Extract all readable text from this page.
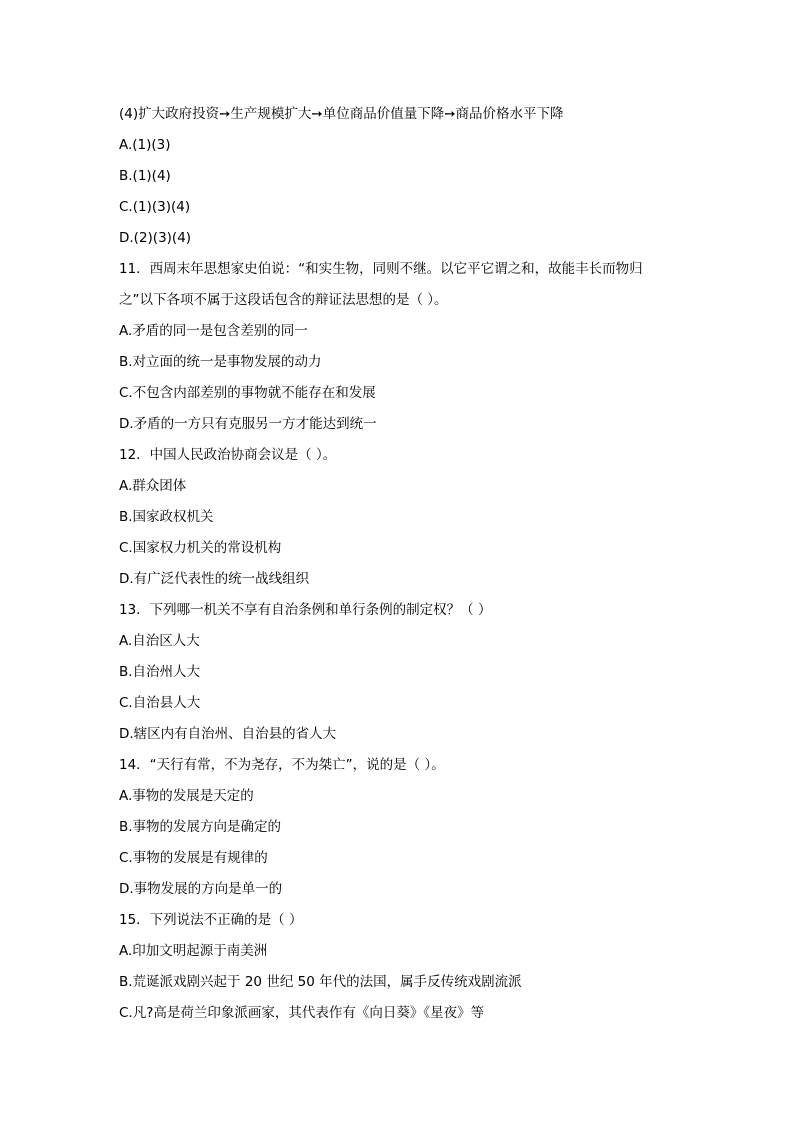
(4)扩大政府投资➙生产规模扩大➙单位商品价值量下降➙商品价格水平下降
A.(1)(3)
B.(1)(4)
C.(1)(3)(4)
D.(2)(3)(4)
11．西周末年思想家史伯说：“和实生物，同则不继。以它平它谓之和，故能丰长而物归
之”以下各项不属于这段话包含的辩证法思想的是（ ）。
A.矛盾的同一是包含差别的同一
B.对立面的统一是事物发展的动力
C.不包含内部差别的事物就不能存在和发展
D.矛盾的一方只有克服另一方才能达到统一
12．中国人民政治协商会议是（ ）。
A.群众团体
B.国家政权机关
C.国家权力机关的常设机构
D.有广泛代表性的统一战线组织
13．下列哪一机关不享有自治条例和单行条例的制定权？（ ）
A.自治区人大
B.自治州人大
C.自治县人大
D.辖区内有自治州、自治县的省人大
14．“天行有常，不为尧存，不为桀亡”，说的是（ ）。
A.事物的发展是天定的
B.事物的发展方向是确定的
C.事物的发展是有规律的
D.事物发展的方向是单一的
15．下列说法不正确的是（ ）
A.印加文明起源于南美洲
B.荒诞派戏剧兴起于 20 世纪 50 年代的法国，属手反传统戏剧流派
C.凡?高是荷兰印象派画家，其代表作有《向日葵》《星夜》等
